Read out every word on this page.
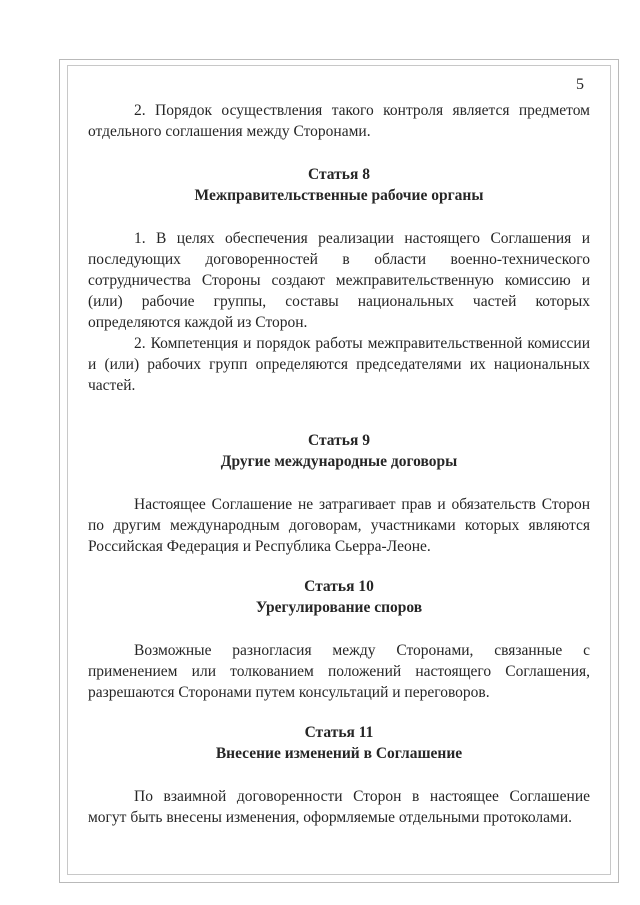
5

2. Порядок осуществления такого контроля является предметом отдельного соглашения между Сторонами.

Статья 8
Межправительственные рабочие органы

1. В целях обеспечения реализации настоящего Соглашения и последующих договоренностей в области военно-технического сотрудничества Стороны создают межправительственную комиссию и (или) рабочие группы, составы национальных частей которых определяются каждой из Сторон.

2. Компетенция и порядок работы межправительственной комиссии и (или) рабочих групп определяются председателями их национальных частей.

Статья 9
Другие международные договоры

Настоящее Соглашение не затрагивает прав и обязательств Сторон по другим международным договорам, участниками которых являются Российская Федерация и Республика Сьерра-Леоне.

Статья 10
Урегулирование споров

Возможные разногласия между Сторонами, связанные с применением или толкованием положений настоящего Соглашения, разрешаются Сторонами путем консультаций и переговоров.

Статья 11
Внесение изменений в Соглашение

По взаимной договоренности Сторон в настоящее Соглашение могут быть внесены изменения, оформляемые отдельными протоколами.
